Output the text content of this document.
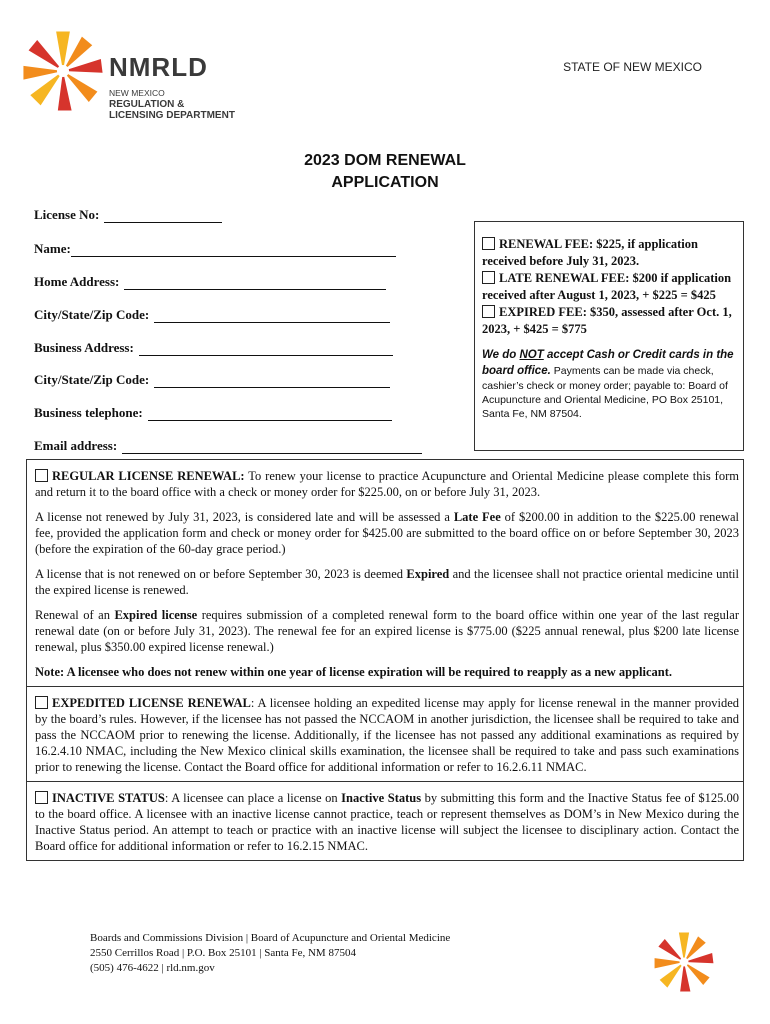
NMRLD
NEW MEXICO
REGULATION &
LICENSING DEPARTMENT
STATE OF NEW MEXICO
2023 DOM RENEWAL
APPLICATION
License No:
Name:
Home Address:
City/State/Zip Code:
Business Address:
City/State/Zip Code:
Business telephone:
Email address:
RENEWAL FEE: $225, if application received before July 31, 2023.
LATE RENEWAL FEE: $200 if application received after August 1, 2023, + $225 = $425
EXPIRED FEE: $350, assessed after Oct. 1, 2023, + $425 = $775
We do NOT accept Cash or Credit cards in the board office. Payments can be made via check, cashier’s check or money order; payable to: Board of Acupuncture and Oriental Medicine, PO Box 25101, Santa Fe, NM 87504.

REGULAR LICENSE RENEWAL: To renew your license to practice Acupuncture and Oriental Medicine please complete this form and return it to the board office with a check or money order for $225.00, on or before July 31, 2023.

A license not renewed by July 31, 2023, is considered late and will be assessed a Late Fee of $200.00 in addition to the $225.00 renewal fee, provided the application form and check or money order for $425.00 are submitted to the board office on or before September 30, 2023 (before the expiration of the 60-day grace period.)

A license that is not renewed on or before September 30, 2023 is deemed Expired and the licensee shall not practice oriental medicine until the expired license is renewed.

Renewal of an Expired license requires submission of a completed renewal form to the board office within one year of the last regular renewal date (on or before July 31, 2023). The renewal fee for an expired license is $775.00 ($225 annual renewal, plus $200 late license renewal, plus $350.00 expired license renewal.)

Note: A licensee who does not renew within one year of license expiration will be required to reapply as a new applicant.

EXPEDITED LICENSE RENEWAL: A licensee holding an expedited license may apply for license renewal in the manner provided by the board’s rules. However, if the licensee has not passed the NCCAOM in another jurisdiction, the licensee shall be required to take and pass the NCCAOM prior to renewing the license. Additionally, if the licensee has not passed any additional examinations as required by 16.2.4.10 NMAC, including the New Mexico clinical skills examination, the licensee shall be required to take and pass such examinations prior to renewing the license. Contact the Board office for additional information or refer to 16.2.6.11 NMAC.

INACTIVE STATUS: A licensee can place a license on Inactive Status by submitting this form and the Inactive Status fee of $125.00 to the board office. A licensee with an inactive license cannot practice, teach or represent themselves as DOM’s in New Mexico during the Inactive Status period. An attempt to teach or practice with an inactive license will subject the licensee to disciplinary action. Contact the Board office for additional information or refer to 16.2.15 NMAC.

Boards and Commissions Division | Board of Acupuncture and Oriental Medicine
2550 Cerrillos Road | P.O. Box 25101 | Santa Fe, NM 87504
(505) 476-4622 | rld.nm.gov
